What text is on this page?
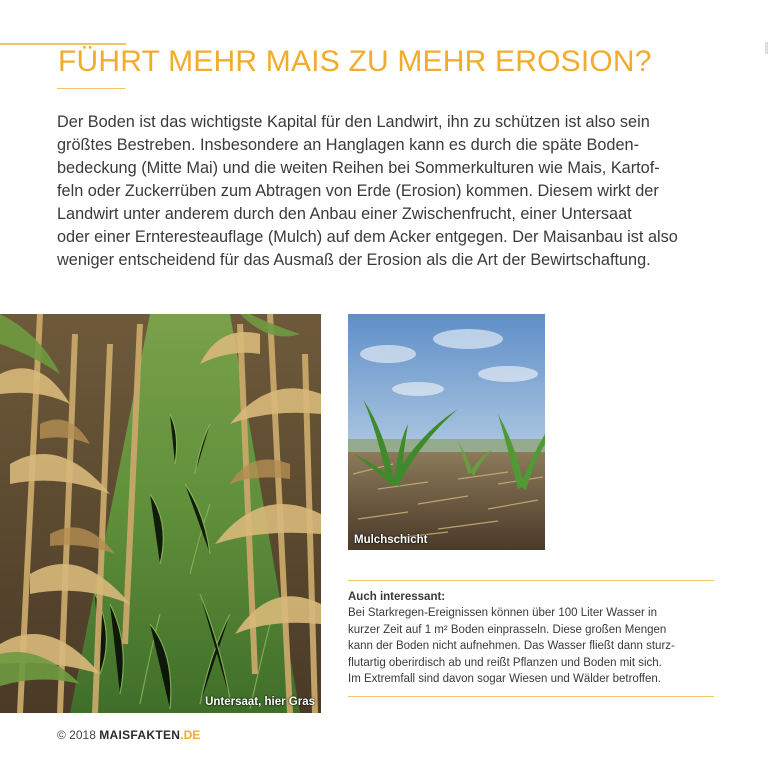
FÜHRT MEHR MAIS ZU MEHR EROSION?

Der Boden ist das wichtigste Kapital für den Landwirt, ihn zu schützen ist also sein
größtes Bestreben. Insbesondere an Hanglagen kann es durch die späte Boden-
bedeckung (Mitte Mai) und die weiten Reihen bei Sommerkulturen wie Mais, Kartof-
feln oder Zuckerrüben zum Abtragen von Erde (Erosion) kommen. Diesem wirkt der
Landwirt unter anderem durch den Anbau einer Zwischenfrucht, einer Untersaat
oder einer Ernteresteauflage (Mulch) auf dem Acker entgegen. Der Maisanbau ist also
weniger entscheidend für das Ausmaß der Erosion als die Art der Bewirtschaftung.

Untersaat, hier Gras
Mulchschicht

Auch interessant:

Bei Starkregen-Ereignissen können über 100 Liter Wasser in
kurzer Zeit auf 1 m² Boden einprasseln. Diese großen Mengen
kann der Boden nicht aufnehmen. Das Wasser fließt dann sturz-
flutartig oberirdisch ab und reißt Pflanzen und Boden mit sich.
Im Extremfall sind davon sogar Wiesen und Wälder betroffen.

© 2018 MAISFAKTEN.DE
